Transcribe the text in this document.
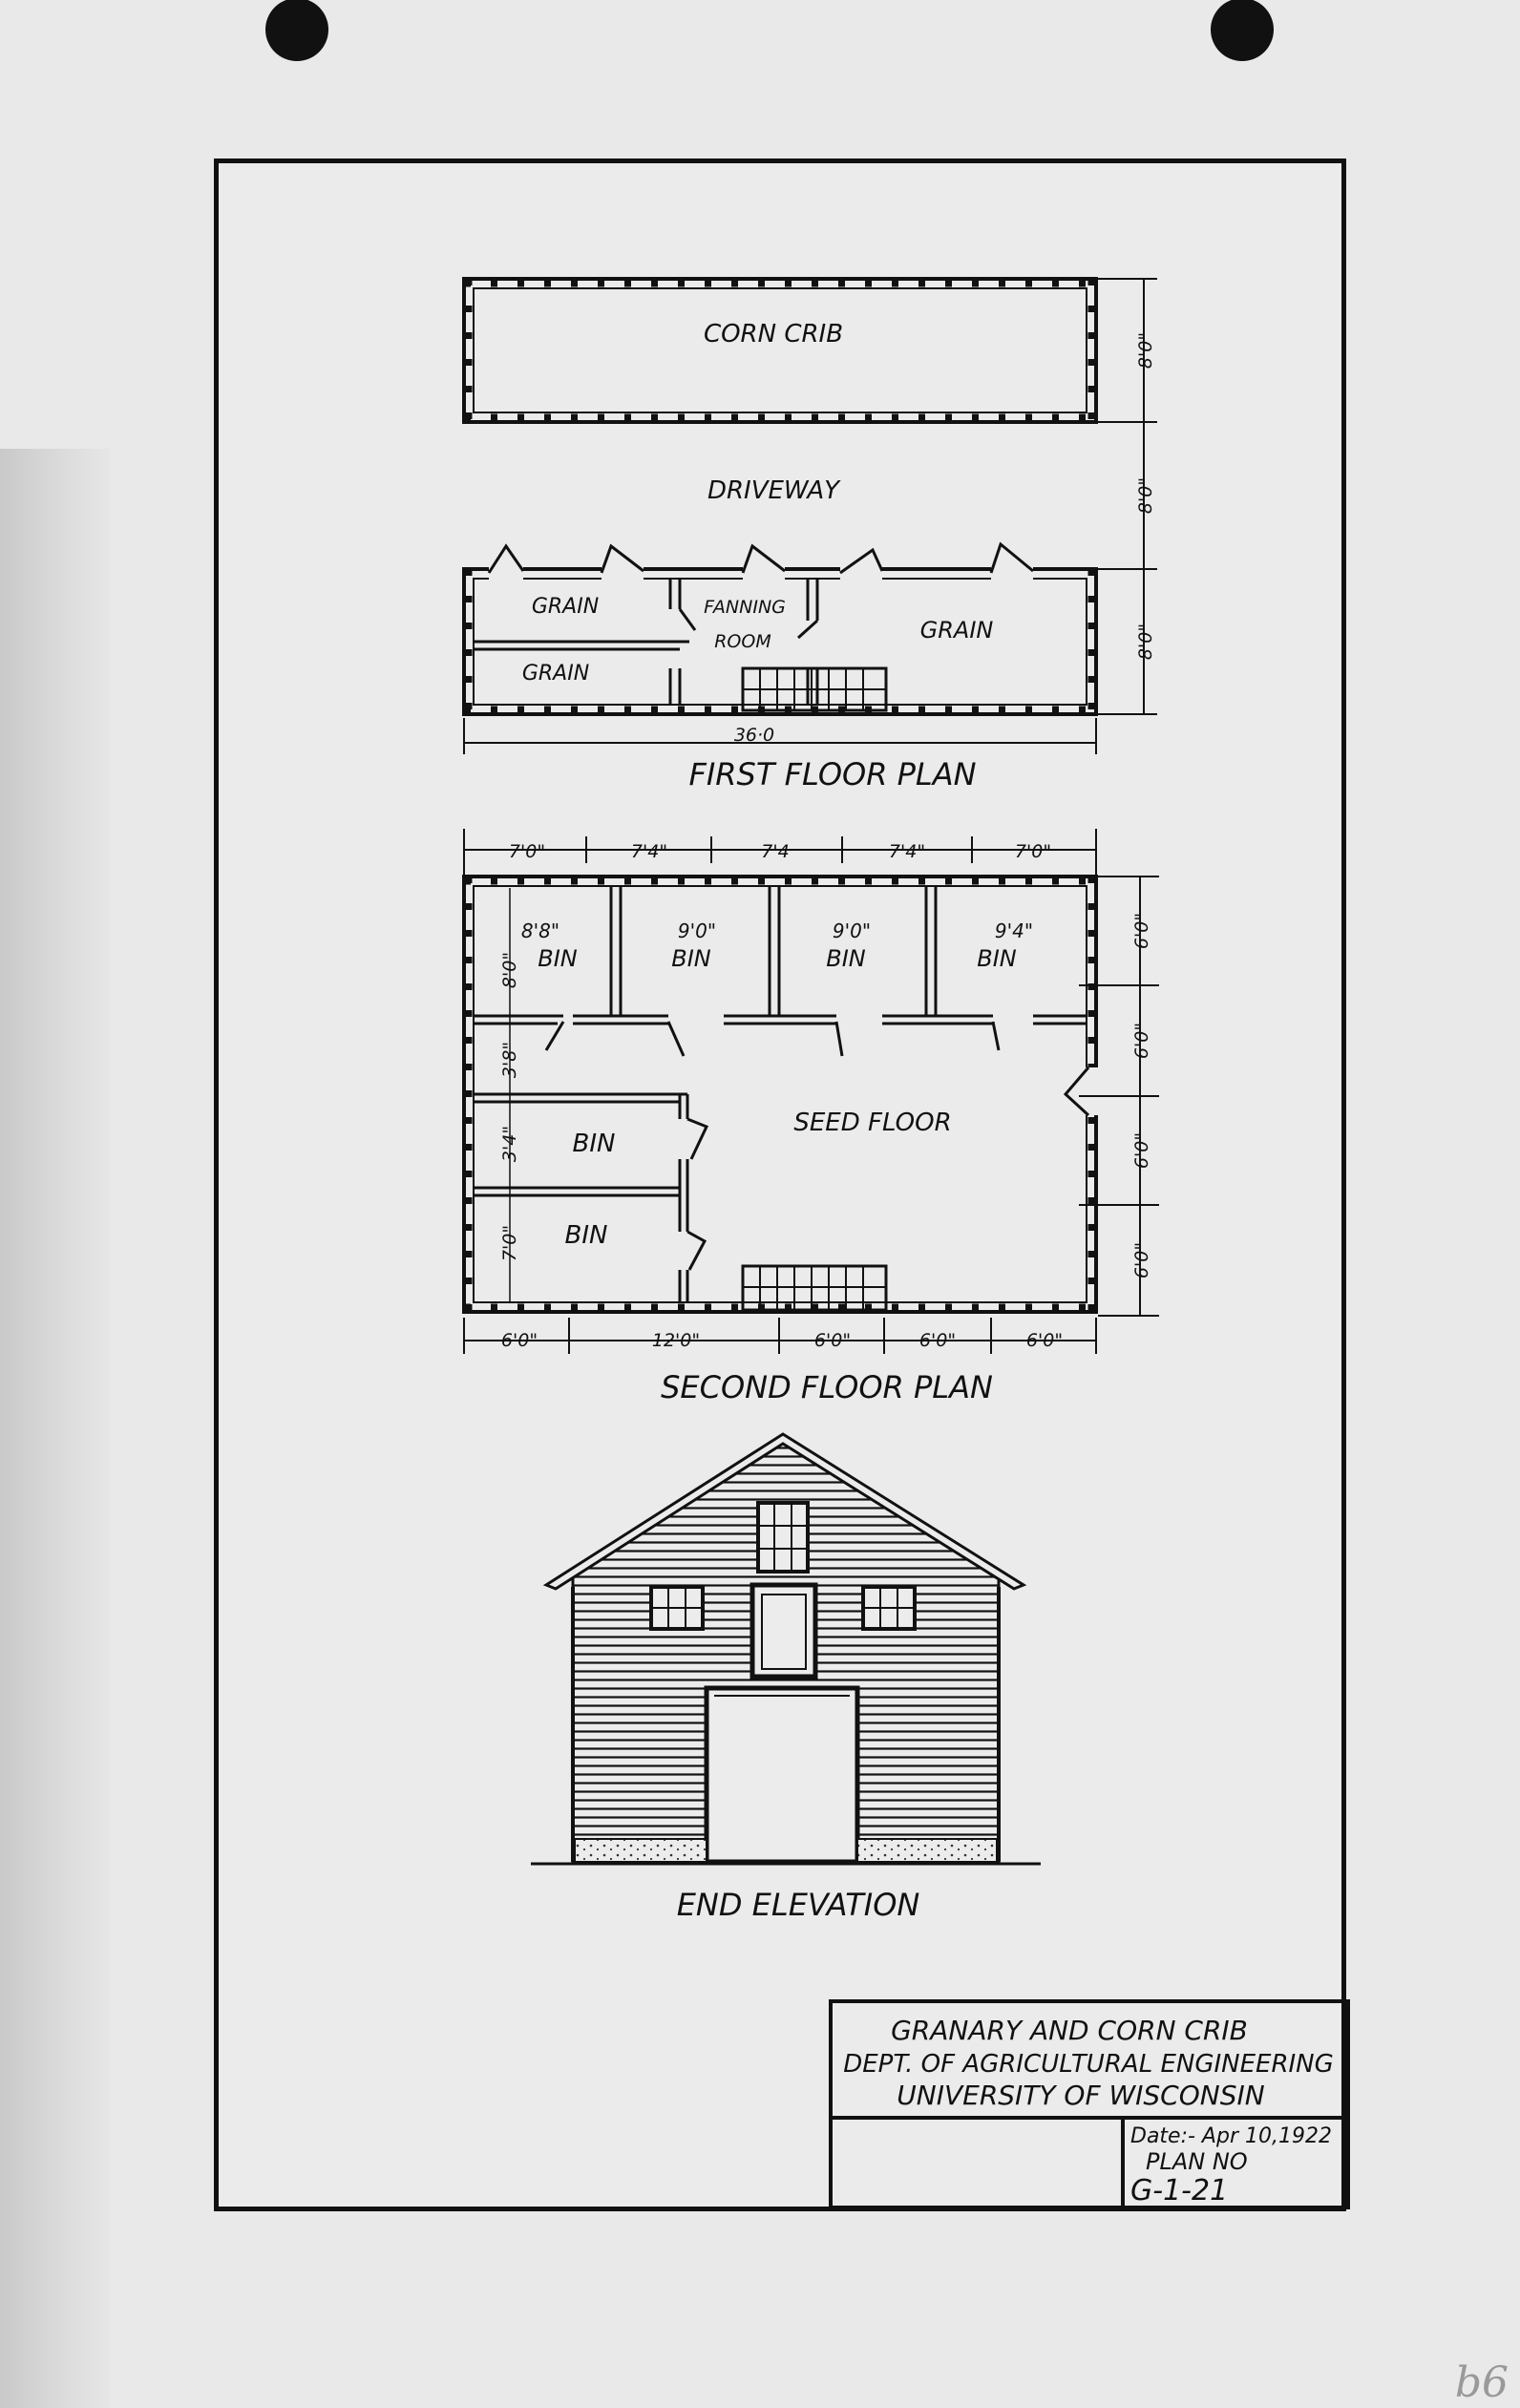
CORN CRIB
DRIVEWAY
8'0"
8'0"
8'0"
GRAIN
GRAIN
FANNING
ROOM	GRAIN
36·0
FIRST FLOOR PLAN
7'0"	7'4"	7'4	7'4"	7'0"
8'8"
BIN
9'0"
BIN
9'0"
BIN
9'4"
BIN
BIN
BIN
SEED FLOOR
8'0"
3'8"
3'4"
7'0"
6'0"
6'0"
6'0"
6'0"
6'0"	12'0"	6'0"	6'0"	6'0"
SECOND FLOOR PLAN
END ELEVATION
GRANARY AND CORN CRIB
DEPT. OF AGRICULTURAL ENGINEERING
UNIVERSITY OF WISCONSIN
Date:- Apr 10,1922
PLAN NO
G-1-21
b6
